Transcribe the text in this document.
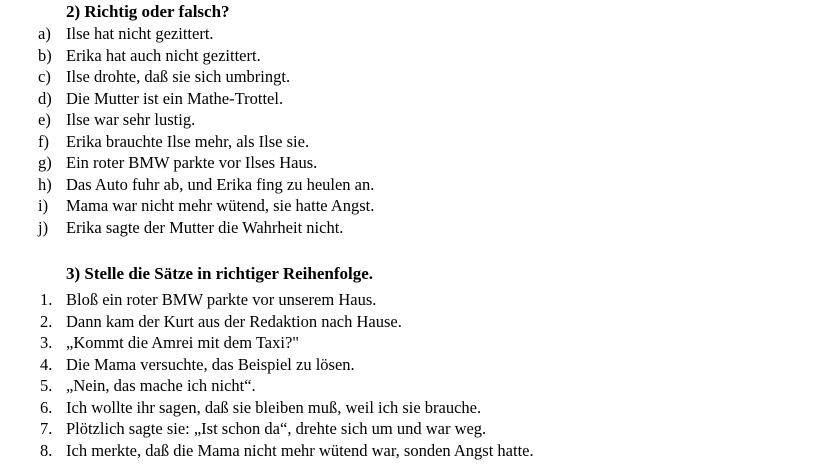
2) Richtig oder falsch?
a) Ilse hat nicht gezittert.
b) Erika hat auch nicht gezittert.
c) Ilse drohte, daß sie sich umbringt.
d) Die Mutter ist ein Mathe-Trottel.
e) Ilse war sehr lustig.
f)	Erika brauchte Ilse mehr, als Ilse sie.
g) Ein roter BMW parkte vor Ilses Haus.
h) Das Auto fuhr ab, und Erika fing zu heulen an.
i)	Mama war nicht mehr wütend, sie hatte Angst.
j)	Erika sagte der Mutter die Wahrheit nicht.
3) Stelle die Sätze in richtiger Reihenfolge.
1. Bloß ein roter BMW parkte vor unserem Haus.
2. Dann kam der Kurt aus der Redaktion nach Hause.
3. „Kommt die Amrei mit dem Taxi?"
4. Die Mama versuchte, das Beispiel zu lösen.
5. „Nein, das mache ich nicht“.
6. Ich wollte ihr sagen, daß sie bleiben muß, weil ich sie brauche.
7. Plötzlich sagte sie: „Ist schon da“, drehte sich um und war weg.
8. Ich merkte, daß die Mama nicht mehr wütend war, sonden Angst hatte.
